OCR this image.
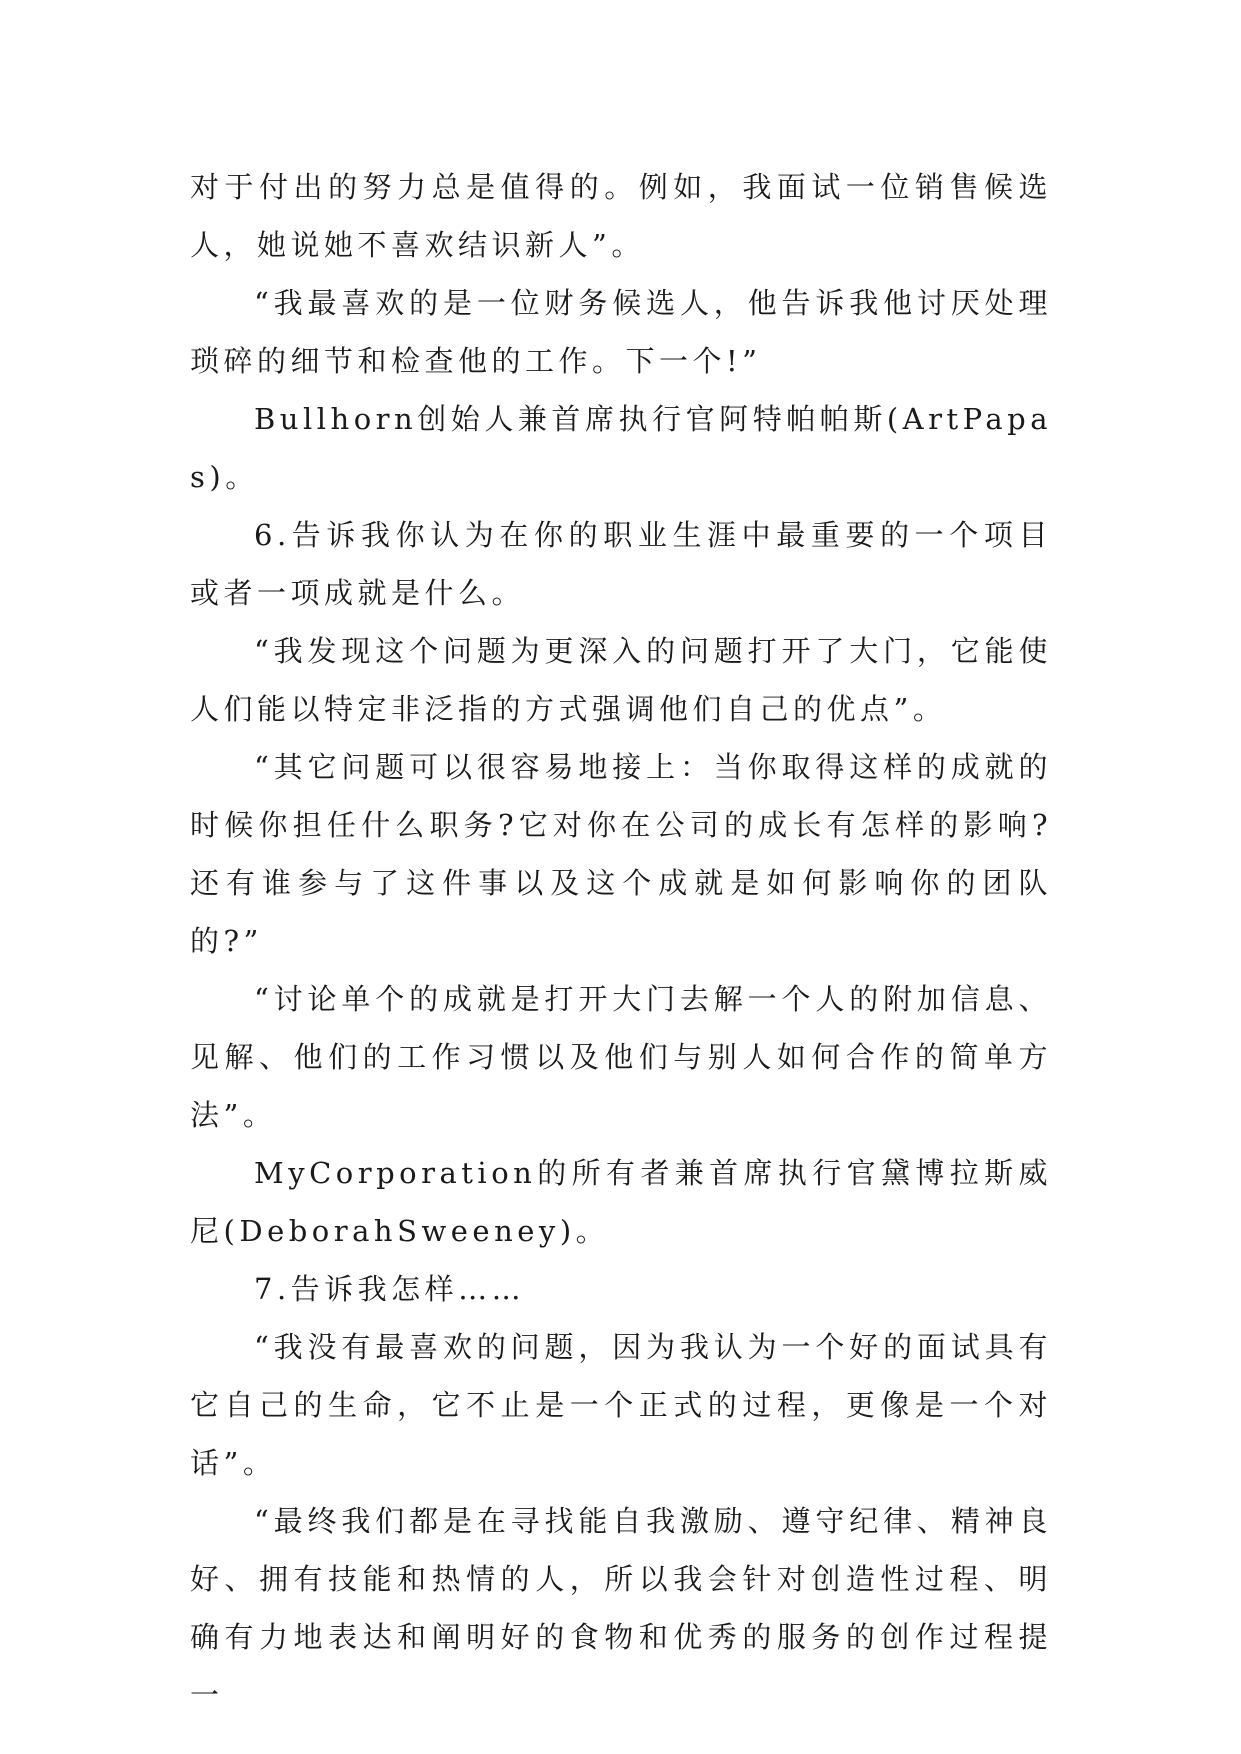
对于付出的努力总是值得的。例如，我面试一位销售候选人，她说她不喜欢结识新人”。

“我最喜欢的是一位财务候选人，他告诉我他讨厌处理琐碎的细节和检查他的工作。下一个!”

Bullhorn创始人兼首席执行官阿特帕帕斯(ArtPapas)。

6.告诉我你认为在你的职业生涯中最重要的一个项目或者一项成就是什么。

“我发现这个问题为更深入的问题打开了大门，它能使人们能以特定非泛指的方式强调他们自己的优点”。

“其它问题可以很容易地接上：当你取得这样的成就的时候你担任什么职务?它对你在公司的成长有怎样的影响?还有谁参与了这件事以及这个成就是如何影响你的团队的?”

“讨论单个的成就是打开大门去解一个人的附加信息、见解、他们的工作习惯以及他们与别人如何合作的简单方法”。

MyCorporation的所有者兼首席执行官黛博拉斯威尼(DeborahSweeney)。

7.告诉我怎样……

“我没有最喜欢的问题，因为我认为一个好的面试具有它自己的生命，它不止是一个正式的过程，更像是一个对话”。

“最终我们都是在寻找能自我激励、遵守纪律、精神良好、拥有技能和热情的人，所以我会针对创造性过程、明确有力地表达和阐明好的食物和优秀的服务的创作过程提一
